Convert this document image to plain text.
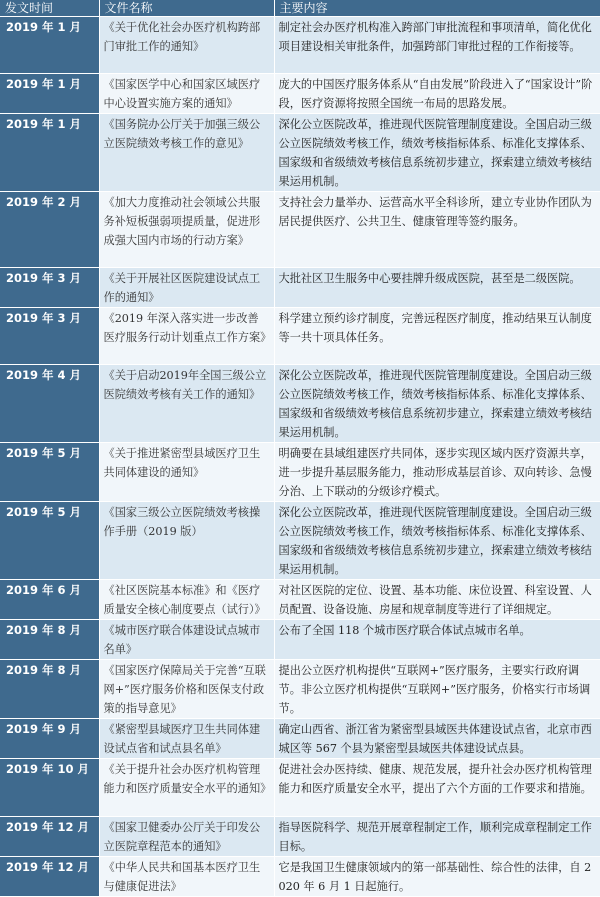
发文时间	文件名称	主要内容
2019 年 1 月	《关于优化社会办医疗机构跨部门审批工作的通知》	制定社会办医疗机构准入跨部门审批流程和事项清单，简化优化项目建设相关审批条件，加强跨部门审批过程的工作衔接等。
2019 年 1 月	《国家医学中心和国家区域医疗中心设置实施方案的通知》	庞大的中国医疗服务体系从“自由发展”阶段进入了“国家设计”阶段，医疗资源将按照全国统一布局的思路发展。
2019 年 1 月	《国务院办公厅关于加强三级公立医院绩效考核工作的意见》	深化公立医院改革，推进现代医院管理制度建设。全国启动三级公立医院绩效考核工作，绩效考核指标体系、标准化支撑体系、国家级和省级绩效考核信息系统初步建立，探索建立绩效考核结果运用机制。
2019 年 2 月	《加大力度推动社会领域公共服务补短板强弱项提质量，促进形成强大国内市场的行动方案》	支持社会力量举办、运营高水平全科诊所，建立专业协作团队为居民提供医疗、公共卫生、健康管理等签约服务。
2019 年 3 月	《关于开展社区医院建设试点工作的通知》	大批社区卫生服务中心要挂牌升级成医院，甚至是二级医院。
2019 年 3 月	《2019 年深入落实进一步改善医疗服务行动计划重点工作方案》	科学建立预约诊疗制度，完善远程医疗制度，推动结果互认制度等一共十项具体任务。
2019 年 4 月	《关于启动2019年全国三级公立医院绩效考核有关工作的通知》	深化公立医院改革，推进现代医院管理制度建设。全国启动三级公立医院绩效考核工作，绩效考核指标体系、标准化支撑体系、国家级和省级绩效考核信息系统初步建立，探索建立绩效考核结果运用机制。
2019 年 5 月	《关于推进紧密型县域医疗卫生共同体建设的通知》	明确要在县域组建医疗共同体，逐步实现区域内医疗资源共享，进一步提升基层服务能力，推动形成基层首诊、双向转诊、急慢分治、上下联动的分级诊疗模式。
2019 年 5 月	《国家三级公立医院绩效考核操作手册（2019 版）	深化公立医院改革，推进现代医院管理制度建设。全国启动三级公立医院绩效考核工作，绩效考核指标体系、标准化支撑体系、国家级和省级绩效考核信息系统初步建立，探索建立绩效考核结果运用机制。
2019 年 6 月	《社区医院基本标准》和《医疗质量安全核心制度要点（试行）》	对社区医院的定位、设置、基本功能、床位设置、科室设置、人员配置、设备设施、房屋和规章制度等进行了详细规定。
2019 年 8 月	《城市医疗联合体建设试点城市名单》	公布了全国 118 个城市医疗联合体试点城市名单。
2019 年 8 月	《国家医疗保障局关于完善“互联网+”医疗服务价格和医保支付政策的指导意见》	提出公立医疗机构提供“互联网+”医疗服务，主要实行政府调节。非公立医疗机构提供“互联网+”医疗服务，价格实行市场调节。
2019 年 9 月	《紧密型县域医疗卫生共同体建设试点省和试点县名单》	确定山西省、浙江省为紧密型县域医共体建设试点省，北京市西城区等 567 个县为紧密型县域医共体建设试点县。
2019 年 10 月	《关于提升社会办医疗机构管理能力和医疗质量安全水平的通知》	促进社会办医持续、健康、规范发展，提升社会办医疗机构管理能力和医疗质量安全水平，提出了六个方面的工作要求和措施。
2019 年 12 月	《国家卫健委办公厅关于印发公立医院章程范本的通知》	指导医院科学、规范开展章程制定工作，顺利完成章程制定工作目标。
2019 年 12 月	《中华人民共和国基本医疗卫生与健康促进法》	它是我国卫生健康领域内的第一部基础性、综合性的法律，自 2020 年 6 月 1 日起施行。
